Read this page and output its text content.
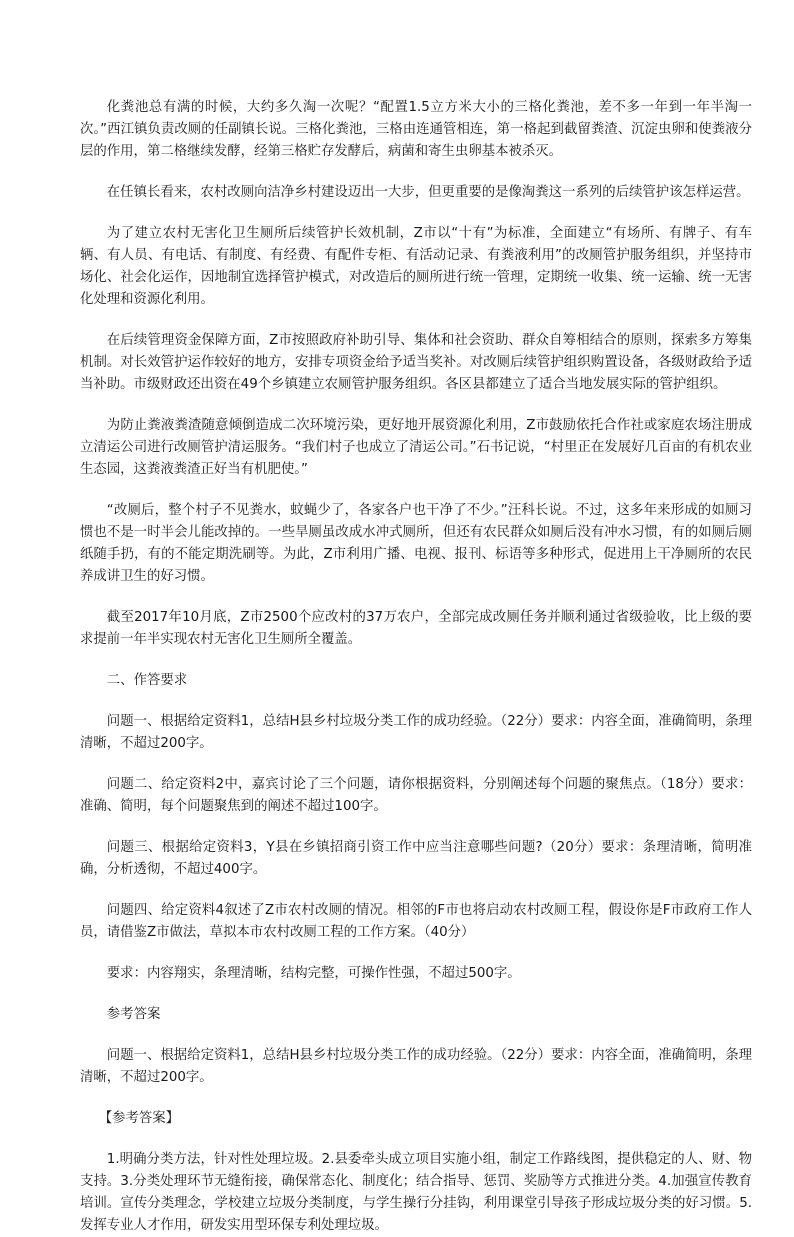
化粪池总有满的时候，大约多久淘一次呢？“配置1.5立方米大小的三格化粪池，差不多一年到一年半淘一次。”西江镇负责改厕的任副镇长说。三格化粪池，三格由连通管相连，第一格起到截留粪渣、沉淀虫卵和使粪液分层的作用，第二格继续发酵，经第三格贮存发酵后，病菌和寄生虫卵基本被杀灭。

在任镇长看来，农村改厕向洁净乡村建设迈出一大步，但更重要的是像淘粪这一系列的后续管护该怎样运营。

为了建立农村无害化卫生厕所后续管护长效机制，Z市以“十有”为标准，全面建立“有场所、有牌子、有车辆、有人员、有电话、有制度、有经费、有配件专柜、有活动记录、有粪液利用”的改厕管护服务组织，并坚持市场化、社会化运作，因地制宜选择管护模式，对改造后的厕所进行统一管理，定期统一收集、统一运输、统一无害化处理和资源化利用。

在后续管理资金保障方面，Z市按照政府补助引导、集体和社会资助、群众自筹相结合的原则，探索多方筹集机制。对长效管护运作较好的地方，安排专项资金给予适当奖补。对改厕后续管护组织购置设备，各级财政给予适当补助。市级财政还出资在49个乡镇建立农厕管护服务组织。各区县都建立了适合当地发展实际的管护组织。

为防止粪液粪渣随意倾倒造成二次环境污染，更好地开展资源化利用，Z市鼓励依托合作社或家庭农场注册成立清运公司进行改厕管护清运服务。“我们村子也成立了清运公司。”石书记说，“村里正在发展好几百亩的有机农业生态园，这粪液粪渣正好当有机肥使。”

“改厕后，整个村子不见粪水，蚊蝇少了，各家各户也干净了不少。”汪科长说。不过，这多年来形成的如厕习惯也不是一时半会儿能改掉的。一些旱厕虽改成水冲式厕所，但还有农民群众如厕后没有冲水习惯，有的如厕后厕纸随手扔，有的不能定期洗刷等。为此，Z市利用广播、电视、报刊、标语等多种形式，促进用上干净厕所的农民养成讲卫生的好习惯。

截至2017年10月底，Z市2500个应改村的37万农户，全部完成改厕任务并顺利通过省级验收，比上级的要求提前一年半实现农村无害化卫生厕所全覆盖。

二、作答要求

问题一、根据给定资料1，总结H县乡村垃圾分类工作的成功经验。（22分）要求：内容全面，准确简明，条理清晰，不超过200字。

问题二、给定资料2中，嘉宾讨论了三个问题，请你根据资料，分别阐述每个问题的聚焦点。（18分）要求：准确、简明，每个问题聚焦到的阐述不超过100字。

问题三、根据给定资料3，Y县在乡镇招商引资工作中应当注意哪些问题?（20分）要求：条理清晰，简明准确，分析透彻，不超过400字。

问题四、给定资料4叙述了Z市农村改厕的情况。相邻的F市也将启动农村改厕工程，假设你是F市政府工作人员，请借鉴Z市做法，草拟本市农村改厕工程的工作方案。（40分）

要求：内容翔实，条理清晰，结构完整，可操作性强，不超过500字。

参考答案

问题一、根据给定资料1，总结H县乡村垃圾分类工作的成功经验。（22分）要求：内容全面，准确简明，条理清晰，不超过200字。

【参考答案】

1.明确分类方法，针对性处理垃圾。2.县委牵头成立项目实施小组，制定工作路线图，提供稳定的人、财、物支持。3.分类处理环节无缝衔接，确保常态化、制度化；结合指导、惩罚、奖励等方式推进分类。4.加强宣传教育培训。宣传分类理念，学校建立垃圾分类制度，与学生操行分挂钩，利用课堂引导孩子形成垃圾分类的好习惯。5.发挥专业人才作用，研发实用型环保专利处理垃圾。
